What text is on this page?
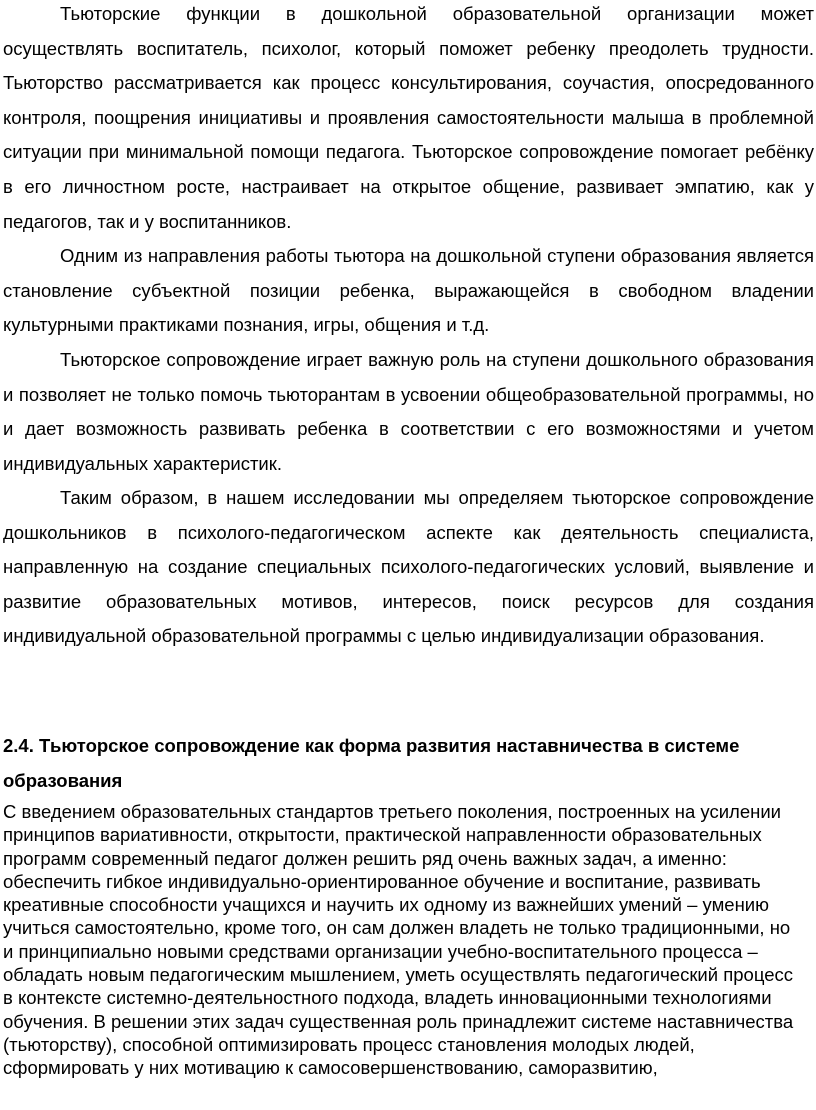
Тьюторские функции в дошкольной образовательной организации может осуществлять воспитатель, психолог, который поможет ребенку преодолеть трудности. Тьюторство рассматривается как процесс консультирования, соучастия, опосредованного контроля, поощрения инициативы и проявления самостоятельности малыша в проблемной ситуации при минимальной помощи педагога. Тьюторское сопровождение помогает ребёнку в его личностном росте, настраивает на открытое общение, развивает эмпатию, как у педагогов, так и у воспитанников.

Одним из направления работы тьютора на дошкольной ступени образования является становление субъектной позиции ребенка, выражающейся в свободном владении культурными практиками познания, игры, общения и т.д.

Тьюторское сопровождение играет важную роль на ступени дошкольного образования и позволяет не только помочь тьюторантам в усвоении общеобразовательной программы, но и дает возможность развивать ребенка в соответствии с его возможностями и учетом индивидуальных характеристик.

Таким образом, в нашем исследовании мы определяем тьюторское сопровождение дошкольников в психолого-педагогическом аспекте как деятельность специалиста, направленную на создание специальных психолого-педагогических условий, выявление и развитие образовательных мотивов, интересов, поиск ресурсов для создания индивидуальной образовательной программы с целью индивидуализации образования.

2.4. Тьюторское сопровождение как форма развития наставничества в системе образования

С введением образовательных стандартов третьего поколения, построенных на усилении принципов вариативности, открытости, практической направленности образовательных программ современный педагог должен решить ряд очень важных задач, а именно: обеспечить гибкое индивидуально-ориентированное обучение и воспитание, развивать креативные способности учащихся и научить их одному из важнейших умений – умению учиться самостоятельно, кроме того, он сам должен владеть не только традиционными, но и принципиально новыми средствами организации учебно-воспитательного процесса – обладать новым педагогическим мышлением, уметь осуществлять педагогический процесс в контексте системно-деятельностного подхода, владеть инновационными технологиями обучения. В решении этих задач существенная роль принадлежит системе наставничества (тьюторству), способной оптимизировать процесс становления молодых людей, сформировать у них мотивацию к самосовершенствованию, саморазвитию,
